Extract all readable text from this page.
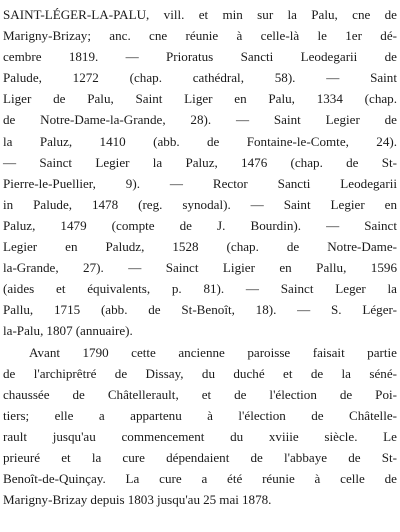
SAINT-LÉGER-LA-PALU, vill. et min sur la Palu, cne de
Marigny-Brizay; anc. cne réunie à celle-là le 1er dé-
cembre 1819. — Prioratus Sancti Leodegarii de
Palude, 1272 (chap. cathédral, 58). — Saint
Liger de Palu, Saint Liger en Palu, 1334 (chap.
de Notre-Dame-la-Grande, 28). — Saint Legier de
la Paluz, 1410 (abb. de Fontaine-le-Comte, 24).
— Sainct Legier la Paluz, 1476 (chap. de St-
Pierre-le-Puellier, 9). — Rector Sancti Leodegarii
in Palude, 1478 (reg. synodal). — Saint Legier en
Paluz, 1479 (compte de J. Bourdin). — Sainct
Legier en Paludz, 1528 (chap. de Notre-Dame-
la-Grande, 27). — Sainct Ligier en Pallu, 1596
(aides et équivalents, p. 81). — Sainct Leger la
Pallu, 1715 (abb. de St-Benoît, 18). — S. Léger-
la-Palu, 1807 (annuaire).
Avant 1790 cette ancienne paroisse faisait partie
de l'archiprêtré de Dissay, du duché et de la séné-
chaussée de Châtellerault, et de l'élection de Poi-
tiers; elle a appartenu à l'élection de Châtelle-
rault jusqu'au commencement du xviiie siècle. Le
prieuré et la cure dépendaient de l'abbaye de St-
Benoît-de-Quinçay. La cure a été réunie à celle de
Marigny-Brizay depuis 1803 jusqu'au 25 mai 1878.
